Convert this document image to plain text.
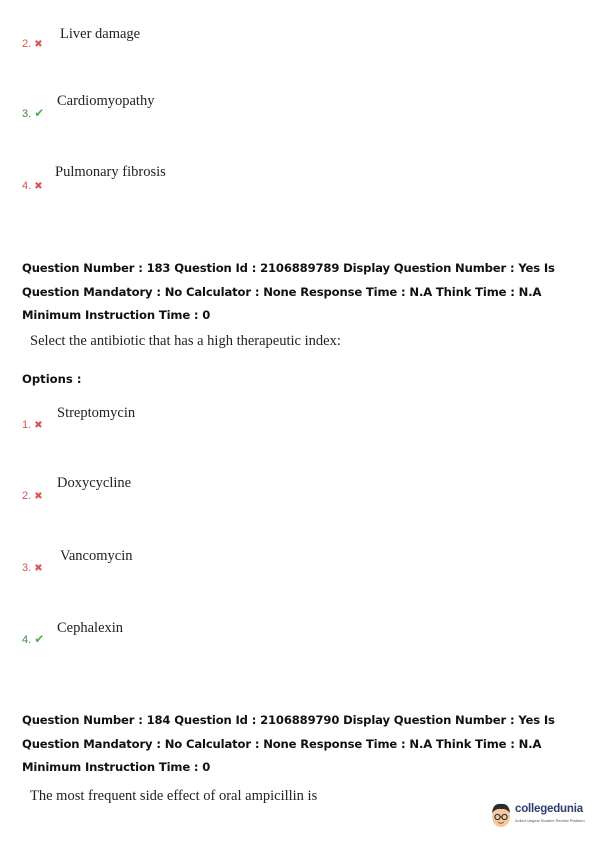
2. ✖
Liver damage
3. ✔
Cardiomyopathy
4. ✖
Pulmonary fibrosis
Question Number : 183 Question Id : 2106889789 Display Question Number : Yes Is Question Mandatory : No Calculator : None Response Time : N.A Think Time : N.A Minimum Instruction Time : 0
Select the antibiotic that has a high therapeutic index:
Options :
1. ✖
Streptomycin
2. ✖
Doxycycline
3. ✖
Vancomycin
4. ✔
Cephalexin
Question Number : 184 Question Id : 2106889790 Display Question Number : Yes Is Question Mandatory : No Calculator : None Response Time : N.A Think Time : N.A Minimum Instruction Time : 0
The most frequent side effect of oral ampicillin is
collegedunia
India's largest Student Review Platform
